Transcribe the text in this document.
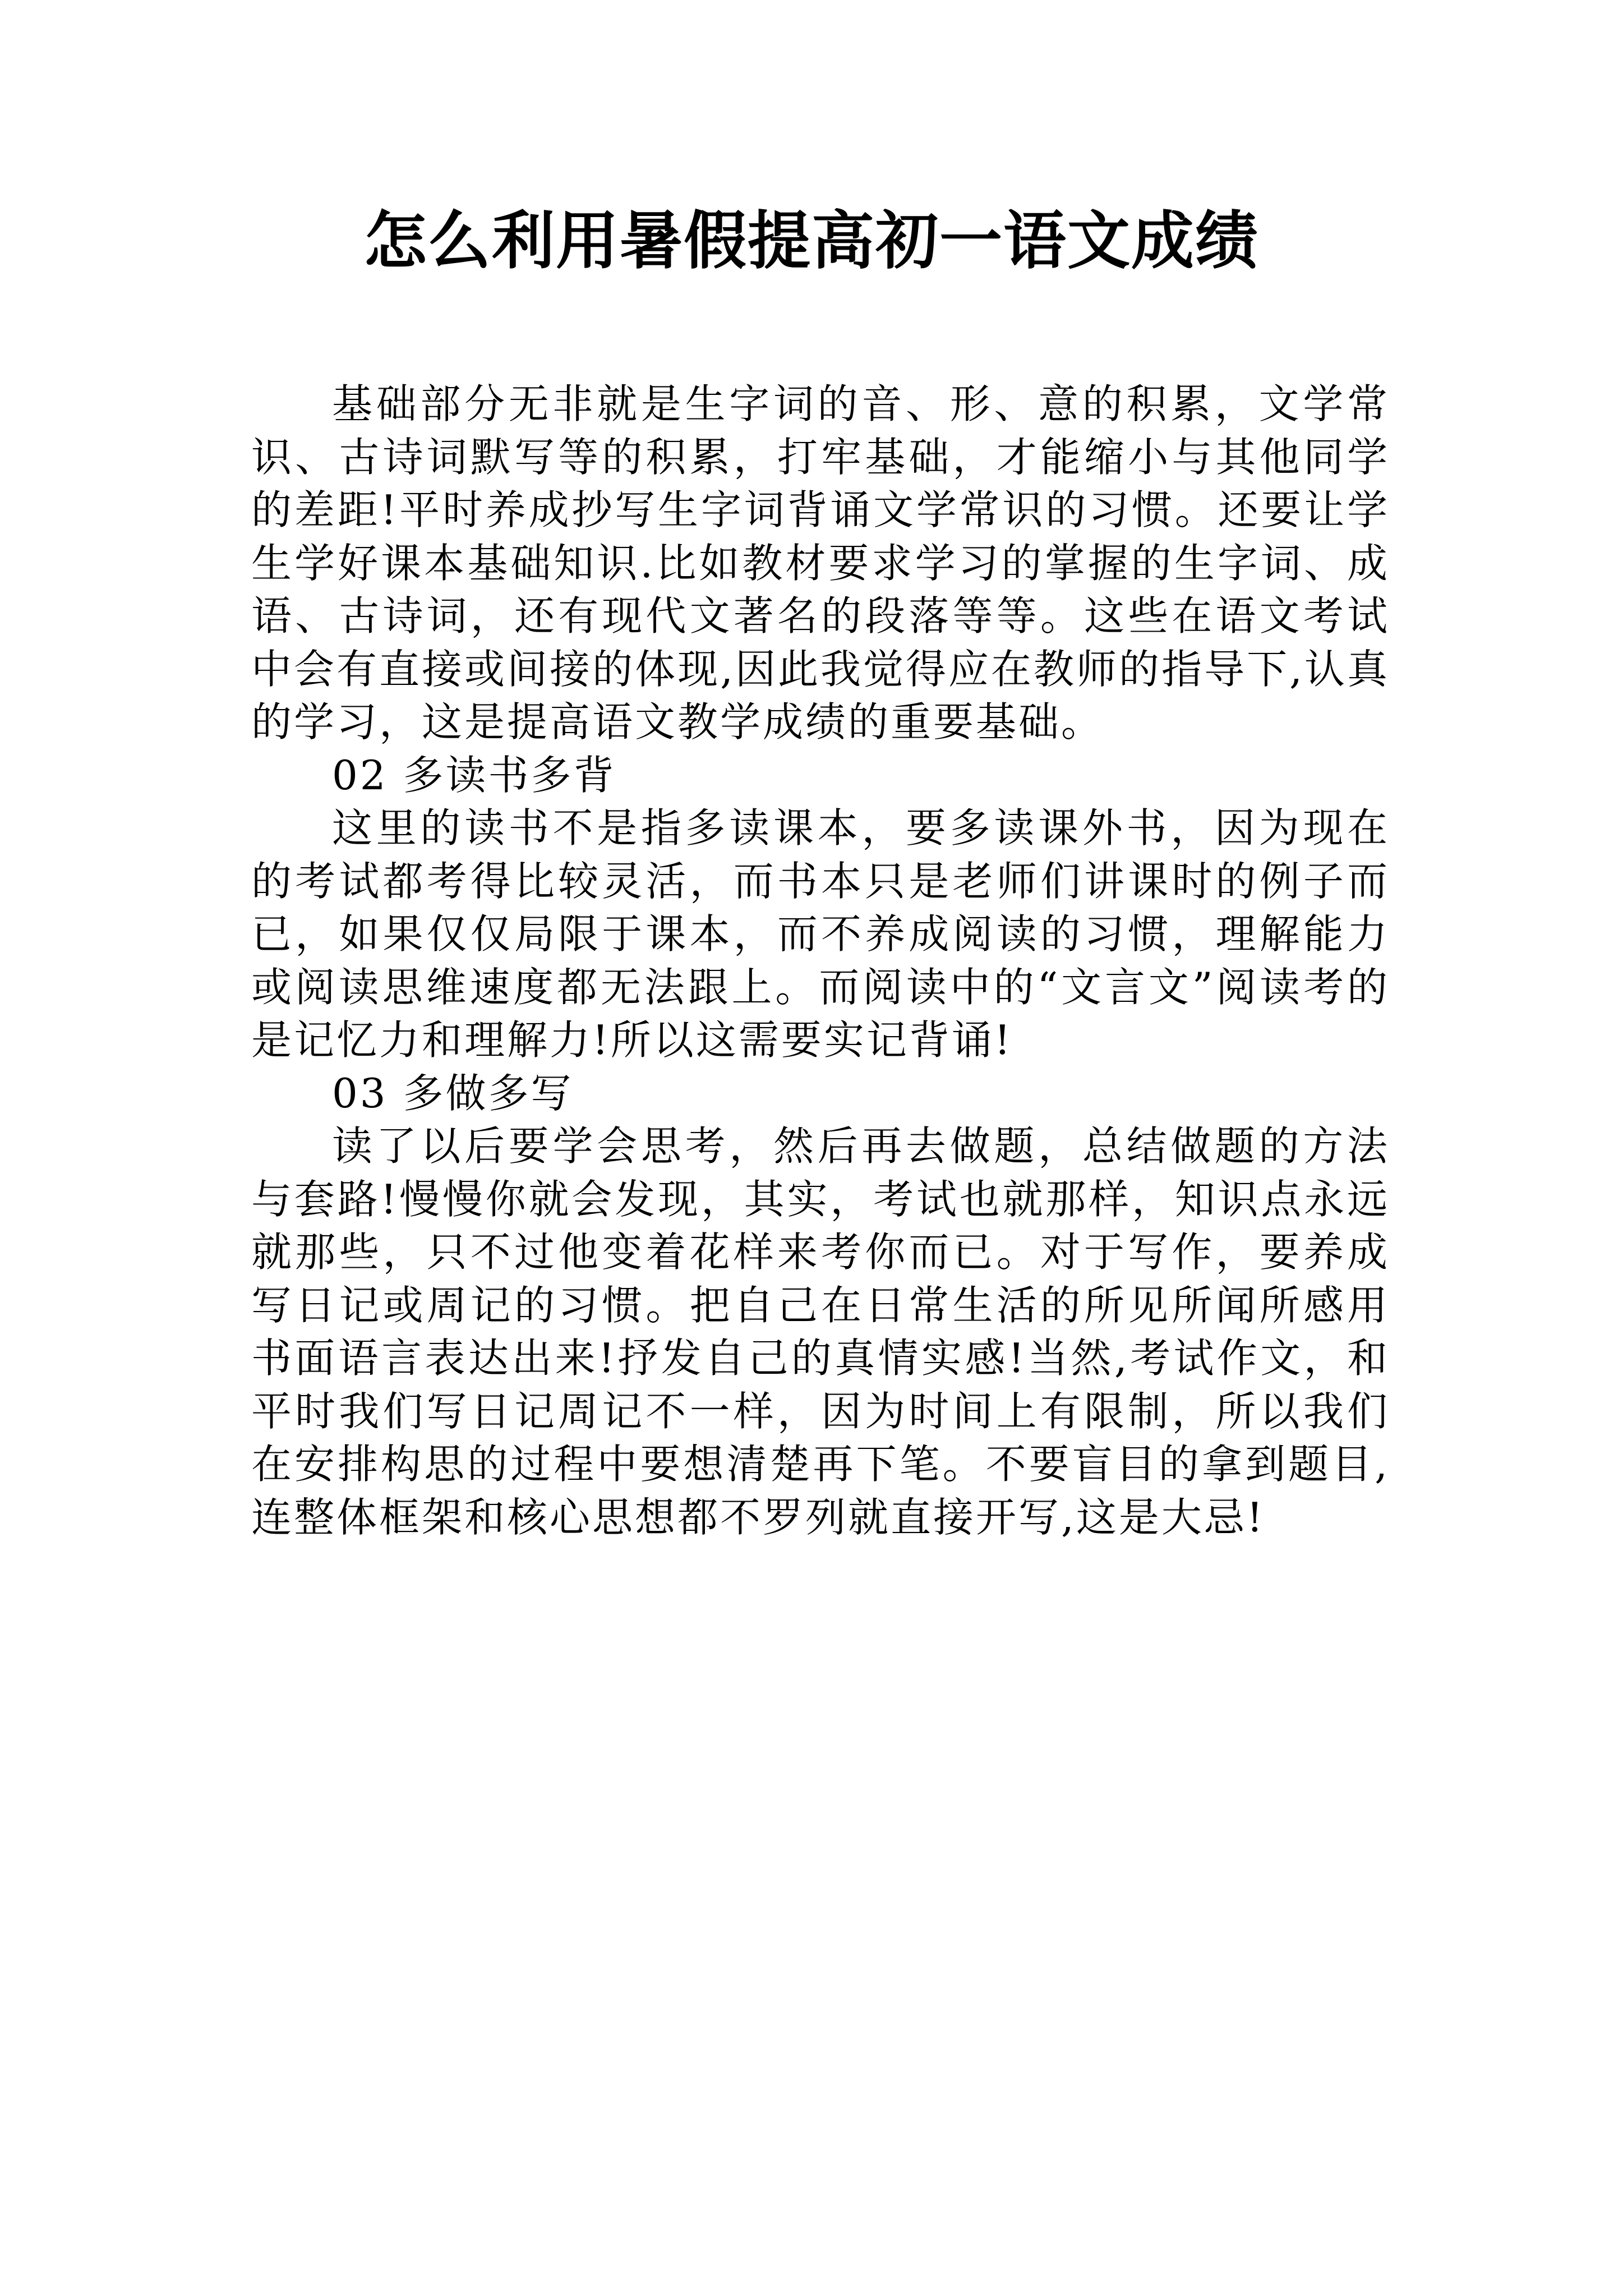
怎么利用暑假提高初一语文成绩

基础部分无非就是生字词的音、形、意的积累，文学常识、古诗词默写等的积累，打牢基础，才能缩小与其他同学的差距!平时养成抄写生字词背诵文学常识的习惯。还要让学生学好课本基础知识.比如教材要求学习的掌握的生字词、成语、古诗词，还有现代文著名的段落等等。这些在语文考试中会有直接或间接的体现,因此我觉得应在教师的指导下,认真的学习，这是提高语文教学成绩的重要基础。

02 多读书多背

这里的读书不是指多读课本，要多读课外书，因为现在的考试都考得比较灵活，而书本只是老师们讲课时的例子而已，如果仅仅局限于课本，而不养成阅读的习惯，理解能力或阅读思维速度都无法跟上。而阅读中的“文言文”阅读考的是记忆力和理解力!所以这需要实记背诵!

03 多做多写

读了以后要学会思考，然后再去做题，总结做题的方法与套路!慢慢你就会发现，其实，考试也就那样，知识点永远就那些，只不过他变着花样来考你而已。对于写作，要养成写日记或周记的习惯。把自己在日常生活的所见所闻所感用书面语言表达出来!抒发自己的真情实感!当然,考试作文，和平时我们写日记周记不一样，因为时间上有限制，所以我们在安排构思的过程中要想清楚再下笔。不要盲目的拿到题目,连整体框架和核心思想都不罗列就直接开写,这是大忌!
